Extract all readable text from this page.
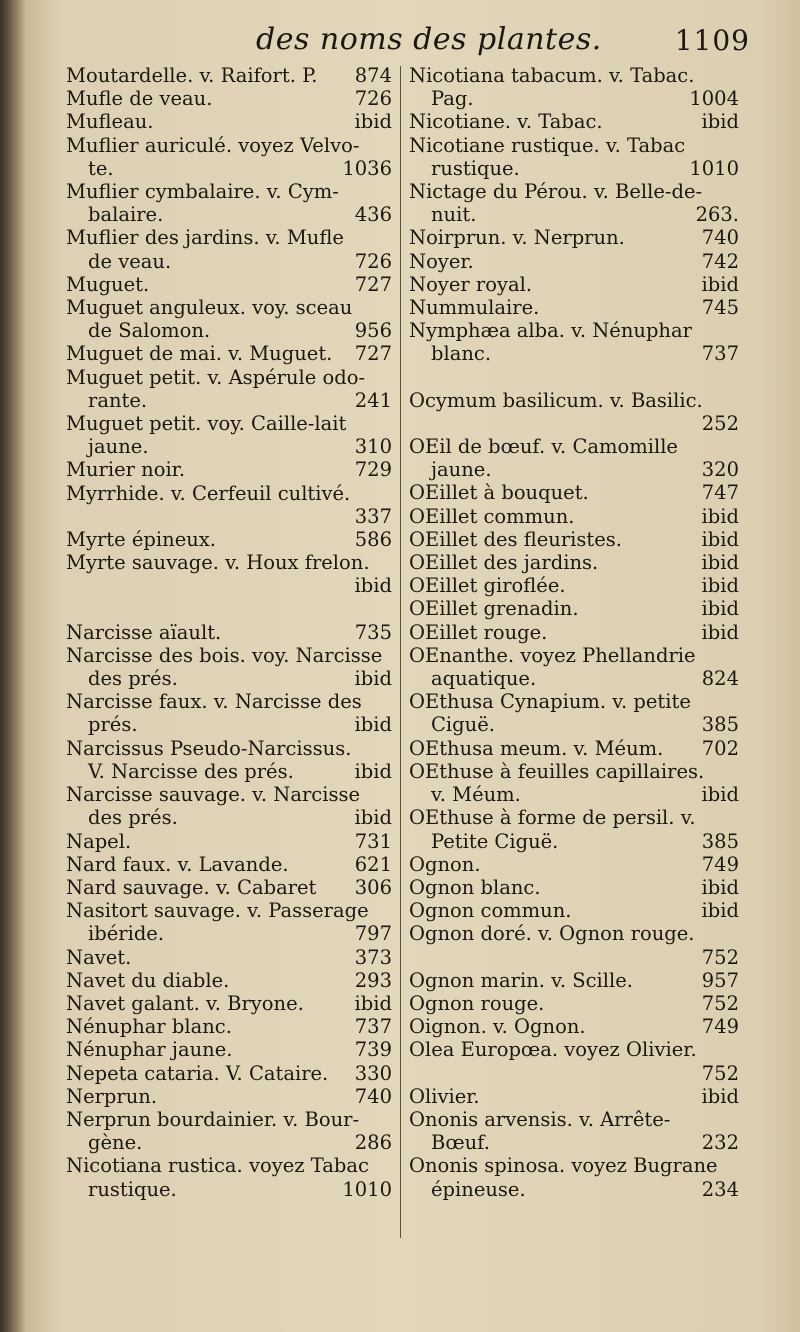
des noms des plantes.	1109
Moutardelle. v. Raifort. P. 874
Mufle de veau.	726
Mufleau.	ibid
Muflier auriculé. voyez Velvo-
te.	1036
Muflier cymbalaire. v. Cym-
balaire.	436
Muflier des jardins. v. Mufle
de veau.	726
Muguet.	727
Muguet anguleux. voy. sceau
de Salomon.	956
Muguet de mai. v. Muguet. 727
Muguet petit. v. Aspérule odo-
rante.	241
Muguet petit. voy. Caille-lait
jaune.	310
Murier noir.	729
Myrrhide. v. Cerfeuil cultivé.
337
Myrte épineux.	586
Myrte sauvage. v. Houx frelon.
ibid
Narcisse aïault.	735
Narcisse des bois. voy. Narcisse
des prés.	ibid
Narcisse faux. v. Narcisse des
prés.	ibid
Narcissus Pseudo-Narcissus.
V. Narcisse des prés.	ibid
Narcisse sauvage. v. Narcisse
des prés.	ibid
Napel.	731
Nard faux. v. Lavande.	621
Nard sauvage. v. Cabaret 306
Nasitort sauvage. v. Passerage
ibéride.	797
Navet.	373
Navet du diable.	293
Navet galant. v. Bryone.	ibid
Nénuphar blanc.	737
Nénuphar jaune.	739
Nepeta cataria. V. Cataire. 330
Nerprun.	740
Nerprun bourdainier. v. Bour-
gène.	286
Nicotiana rustica. voyez Tabac
rustique.	1010
Nicotiana tabacum. v. Tabac.
Pag.	1004
Nicotiane. v. Tabac.	ibid
Nicotiane rustique. v. Tabac
rustique.	1010
Nictage du Pérou. v. Belle-de-
nuit.	263.
Noirprun. v. Nerprun.	740
Noyer.	742
Noyer royal.	ibid
Nummulaire.	745
Nymphæa alba. v. Nénuphar
blanc.	737
Ocymum basilicum. v. Basilic.
252
OEil de bœuf. v. Camomille
jaune.	320
OEillet à bouquet.	747
OEillet commun.	ibid
OEillet des fleuristes.	ibid
OEillet des jardins.	ibid
OEillet giroflée.	ibid
OEillet grenadin.	ibid
OEillet rouge.	ibid
OEnanthe. voyez Phellandrie
aquatique.	824
OEthusa Cynapium. v. petite
Ciguë.	385
OEthusa meum. v. Méum. 702
OEthuse à feuilles capillaires.
v. Méum.	ibid
OEthuse à forme de persil. v.
Petite Ciguë.	385
Ognon.	749
Ognon blanc.	ibid
Ognon commun.	ibid
Ognon doré. v. Ognon rouge.
752
Ognon marin. v. Scille.	957
Ognon rouge.	752
Oignon. v. Ognon.	749
Olea Europœa. voyez Olivier.
752
Olivier.	ibid
Ononis arvensis. v. Arrête-
Bœuf.	232
Ononis spinosa. voyez Bugrane
épineuse.	234
